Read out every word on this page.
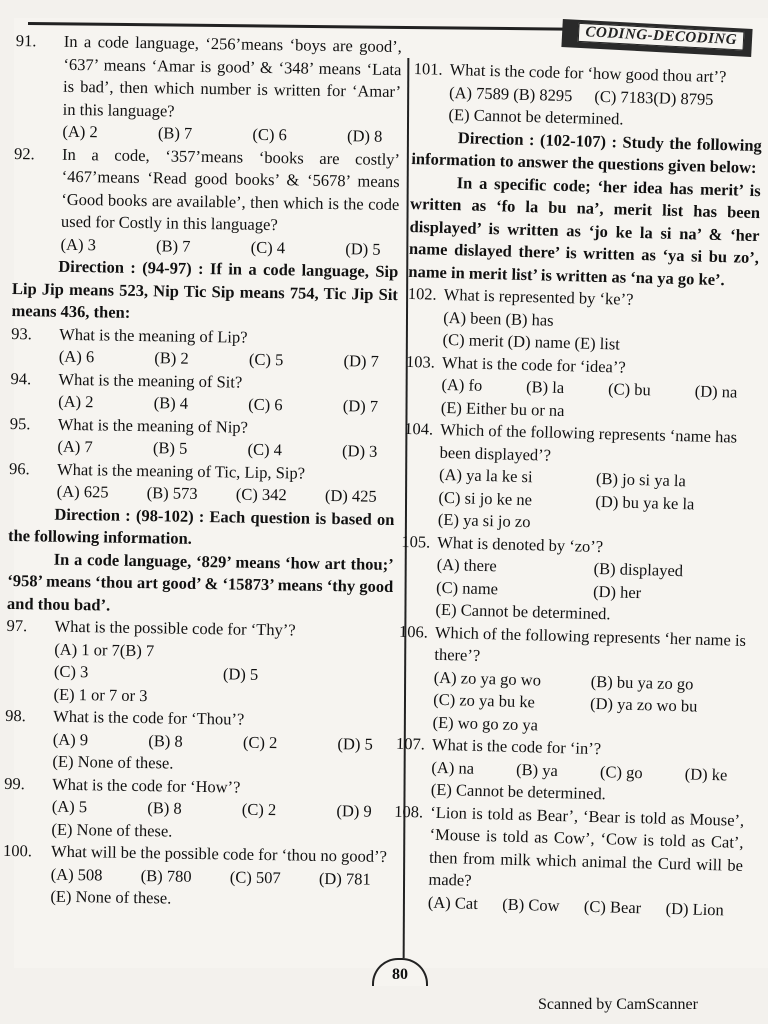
CODING-DECODING
91.	In a code language, ‘256’means ‘boys are good’, ‘637’ means ‘Amar is good’ & ‘348’ means ‘Lata is bad’, then which number is written for ‘Amar’ in this language?
(A) 2	(B) 7	(C) 6	(D) 8
92.	In a code, ‘357’means ‘books are costly’ ‘467’means ‘Read good books’ & ‘5678’ means ‘Good books are available’, then which is the code used for Costly in this language?
(A) 3	(B) 7	(C) 4	(D) 5
Direction : (94-97) : If in a code language, Sip Lip Jip means 523, Nip Tic Sip means 754, Tic Jip Sit means 436, then:
93.	What is the meaning of Lip?
(A) 6	(B) 2	(C) 5	(D) 7
94.	What is the meaning of Sit?
(A) 2	(B) 4	(C) 6	(D) 7
95.	What is the meaning of Nip?
(A) 7	(B) 5	(C) 4	(D) 3
96.	What is the meaning of Tic, Lip, Sip?
(A) 625 (B) 573 (C) 342 (D) 425
Direction : (98-102) : Each question is based on the following information.
In a code language, ‘829’ means ‘how art thou;’ ‘958’ means ‘thou art good’ & ‘15873’ means ‘thy good and thou bad’.
97.	What is the possible code for ‘Thy’?
(A) 1 or 7(B) 7
(C) 3	(D) 5
(E) 1 or 7 or 3
98.	What is the code for ‘Thou’?
(A) 9	(B) 8	(C) 2	(D) 5
(E) None of these.
99.	What is the code for ‘How’?
(A) 5	(B) 8	(C) 2	(D) 9
(E) None of these.
100.	What will be the possible code for ‘thou no good’?
(A) 508 (B) 780 (C) 507 (D) 781
(E) None of these.
101. What is the code for ‘how good thou art’?
(A) 7589 (B) 8295 (C) 7183(D) 8795
(E) Cannot be determined.
Direction : (102-107) : Study the following information to answer the questions given below:
In a specific code; ‘her idea has merit’ is written as ‘fo la bu na’, merit list has been displayed’ is written as ‘jo ke la si na’ & ‘her name dislayed there’ is written as ‘ya si bu zo’, name in merit list’ is written as ‘na ya go ke’.
102. What is represented by ‘ke’?
(A) been (B) has
(C) merit (D) name (E) list
103. What is the code for ‘idea’?
(A) fo	(B) la	(C) bu	(D) na
(E) Either bu or na
104. Which of the following represents ‘name has been displayed’?
(A) ya la ke si	(B) jo si ya la
(C) si jo ke ne	(D) bu ya ke la
(E) ya si jo zo
105. What is denoted by ‘zo’?
(A) there	(B) displayed
(C) name	(D) her
(E) Cannot be determined.
106. Which of the following represents ‘her name is there’?
(A) zo ya go wo	(B) bu ya zo go
(C) zo ya bu ke	(D) ya zo wo bu
(E) wo go zo ya
107. What is the code for ‘in’?
(A) na	(B) ya	(C) go	(D) ke
(E) Cannot be determined.
108. ‘Lion is told as Bear’, ‘Bear is told as Mouse’, ‘Mouse is told as Cow’, ‘Cow is told as Cat’, then from milk which animal the Curd will be made?
(A) Cat (B) Cow (C) Bear (D) Lion
80
Scanned by CamScanner
